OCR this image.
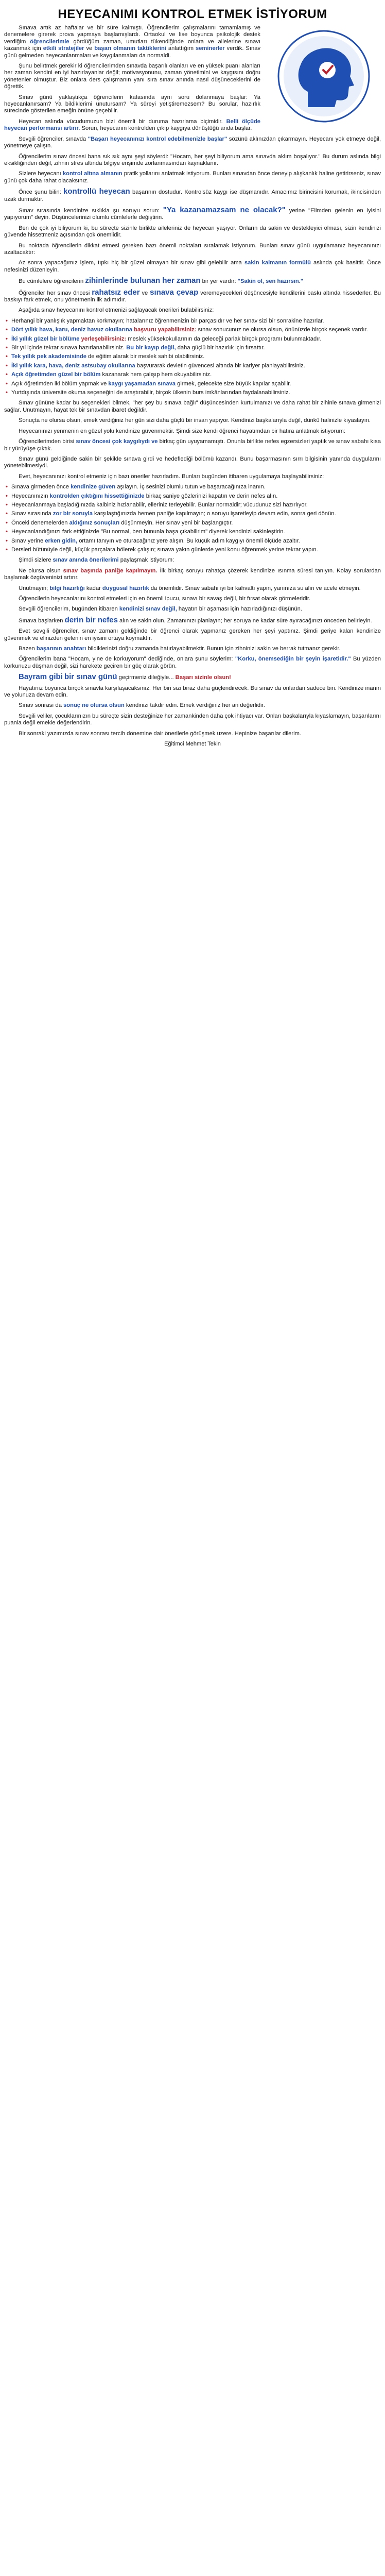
HEYECANIMI KONTROL ETMEK İSTİYORUM

Sınava artık az haftalar ve bir süre kalmıştı. Öğrencilerim çalışmalarını tamamlamış ve denemelere girerek prova yapmaya başlamışlardı. Ortaokul ve lise boyunca psikolojik destek verdiğim öğrencilerimle gördüğüm zaman, umutları tükendiğinde onlara ve ailelerine sınavı kazanmak için etkili stratejiler ve başarı olmanın taktiklerini anlattığım seminerler verdik. Sınav günü gelmeden heyecanlanmaları ve kaygılanmaları da normaldi.

Şunu belirtmek gerekir ki öğrencilerimden sınavda başarılı olanları ve en yüksek puanı alanları her zaman kendini en iyi hazırlayanlar değil; motivasyonunu, zaman yönetimini ve kaygısını doğru yönetenler olmuştur. Biz onlara ders çalışmanın yanı sıra sınav anında nasıl düşüneceklerini de öğrettik.

Sınav günü yaklaştıkça öğrencilerin kafasında aynı soru dolanmaya başlar: Ya heyecanlanırsam? Ya bildiklerimi unutursam? Ya süreyi yetiştiremezsem? Bu sorular, hazırlık sürecinde gösterilen emeğin önüne geçebilir.

Heyecan aslında vücudumuzun bizi önemli bir duruma hazırlama biçimidir. Belli ölçüde heyecan performansı artırır. Sorun, heyecanın kontrolden çıkıp kaygıya dönüştüğü anda başlar.

Sevgili öğrenciler, sınavda "Başarı heyecanınızı kontrol edebilmenizle başlar" sözünü aklınızdan çıkarmayın. Heyecanı yok etmeye değil, yönetmeye çalışın.

Öğrencilerim sınav öncesi bana sık sık aynı şeyi söylerdi: "Hocam, her şeyi biliyorum ama sınavda aklım boşalıyor." Bu durum aslında bilgi eksikliğinden değil, zihnin stres altında bilgiye erişimde zorlanmasından kaynaklanır.

Sizlere heyecanı kontrol altına almanın pratik yollarını anlatmak istiyorum. Bunları sınavdan önce deneyip alışkanlık haline getirirseniz, sınav günü çok daha rahat olacaksınız.

Önce şunu bilin: kontrollü heyecan başarının dostudur. Kontrolsüz kaygı ise düşmanıdır. Amacımız birincisini korumak, ikincisinden uzak durmaktır.

Sınav sırasında kendinize sıklıkla şu soruyu sorun: "Ya kazanamazsam ne olacak?" yerine "Elimden gelenin en iyisini yapıyorum" deyin. Düşüncelerinizi olumlu cümlelerle değiştirin.

Ben de çok iyi biliyorum ki, bu süreçte sizinle birlikte aileleriniz de heyecan yaşıyor. Onların da sakin ve destekleyici olması, sizin kendinizi güvende hissetmeniz açısından çok önemlidir.

Bu noktada öğrencilerin dikkat etmesi gereken bazı önemli noktaları sıralamak istiyorum. Bunları sınav günü uygulamanız heyecanınızı azaltacaktır:

Az sonra yapacağımız işlem, tıpkı hiç bir güzel olmayan bir sınav gibi gelebilir ama sakin kalmanın formülü aslında çok basittir. Önce nefesinizi düzenleyin.

Bu cümlelere öğrencilerin zihinlerinde bulunan her zaman bir yer vardır: "Sakin ol, sen hazırsın."

Öğrenciler her sınav öncesi rahatsız eder ve sınava çevap veremeyecekleri düşüncesiyle kendilerini baskı altında hissederler. Bu baskıyı fark etmek, onu yönetmenin ilk adımıdır.

Aşağıda sınav heyecanını kontrol etmenizi sağlayacak önerileri bulabilirsiniz:

• Herhangi bir yanlışlık yapmaktan korkmayın; hatalarınız öğrenmenizin bir parçasıdır ve her sınav sizi bir sonrakine hazırlar.
• Dört yıllık hava, karu, deniz havuz okullarına başvuru yapabilirsiniz: sınav sonucunuz ne olursa olsun, önünüzde birçok seçenek vardır.
• İki yıllık güzel bir bölüme yerleşebilirsiniz: meslek yüksekokullarının da geleceği parlak birçok programı bulunmaktadır.
• Bir yıl içinde tekrar sınava hazırlanabilirsiniz. Bu bir kayıp değil, daha güçlü bir hazırlık için fırsattır.
• Tek yıllık pek akademisinde de eğitim alarak bir meslek sahibi olabilirsiniz.
• İki yıllık kara, hava, deniz astsubay okullarına başvurarak devletin güvencesi altında bir kariyer planlayabilirsiniz.
• Açık öğretimden güzel bir bölüm kazanarak hem çalışıp hem okuyabilirsiniz.
• Açık öğretimden iki bölüm yapmak ve kaygı yaşamadan sınava girmek, gelecekte size büyük kapılar açabilir.
• Yurtdışında üniversite okuma seçeneğini de araştırabilir, birçok ülkenin burs imkânlarından faydalanabilirsiniz.

Sınav gününe kadar bu seçenekleri bilmek, "her şey bu sınava bağlı" düşüncesinden kurtulmanızı ve daha rahat bir zihinle sınava girmenizi sağlar. Unutmayın, hayat tek bir sınavdan ibaret değildir.

Sonuçta ne olursa olsun, emek verdiğiniz her gün sizi daha güçlü bir insan yapıyor. Kendinizi başkalarıyla değil, dünkü halinizle kıyaslayın.

Heyecanınızı yenmenin en güzel yolu kendinize güvenmektir. Şimdi size kendi öğrenci hayatımdan bir hatıra anlatmak istiyorum:

Öğrencilerimden birisi sınav öncesi çok kaygılıydı ve birkaç gün uyuyamamıştı. Onunla birlikte nefes egzersizleri yaptık ve sınav sabahı kısa bir yürüyüşe çıktık.

Sınav günü geldiğinde sakin bir şekilde sınava girdi ve hedeflediği bölümü kazandı. Bunu başarmasının sırrı bilgisinin yanında duygularını yönetebilmesiydi.

Evet, heyecanınızı kontrol etmeniz için bazı öneriler hazırladım. Bunları bugünden itibaren uygulamaya başlayabilirsiniz:

• Sınava girmeden önce kendinize güven aşılayın. İç sesinizi olumlu tutun ve başaracağınıza inanın.
• Heyecanınızın kontrolden çıktığını hissettiğinizde birkaç saniye gözlerinizi kapatın ve derin nefes alın.
• Heyecanlanmaya başladığınızda kalbiniz hızlanabilir, elleriniz terleyebilir. Bunlar normaldir; vücudunuz sizi hazırlıyor.
• Sınav sırasında zor bir soruyla karşılaştığınızda hemen paniğe kapılmayın; o soruyu işaretleyip devam edin, sonra geri dönün.
• Önceki denemelerden aldığınız sonuçları düşünmeyin. Her sınav yeni bir başlangıçtır.
• Heyecanlandığınızı fark ettiğinizde "Bu normal, ben bununla başa çıkabilirim" diyerek kendinizi sakinleştirin.
• Sınav yerine erken gidin, ortamı tanıyın ve oturacağınız yere alışın. Bu küçük adım kaygıyı önemli ölçüde azaltır.
• Dersleri bütünüyle değil, küçük parçalara bölerek çalışın; sınava yakın günlerde yeni konu öğrenmek yerine tekrar yapın.

Şimdi sizlere sınav anında önerilerimi paylaşmak istiyorum:

Ne olursa olsun sınav başında paniğe kapılmayın. İlk birkaç soruyu rahatça çözerek kendinize ısınma süresi tanıyın. Kolay sorulardan başlamak özgüveninizi artırır.

Unutmayın; bilgi hazırlığı kadar duygusal hazırlık da önemlidir. Sınav sabahı iyi bir kahvaltı yapın, yanınıza su alın ve acele etmeyin.

Öğrencilerin heyecanlarını kontrol etmeleri için en önemli ipucu, sınavı bir savaş değil, bir fırsat olarak görmeleridir.

Sevgili öğrencilerim, bugünden itibaren kendinizi sınav değil, hayatın bir aşaması için hazırladığınızı düşünün.

Sınava başlarken derin bir nefes alın ve sakin olun. Zamanınızı planlayın; her soruya ne kadar süre ayıracağınızı önceden belirleyin.

Evet sevgili öğrenciler, sınav zamanı geldiğinde bir öğrenci olarak yapmanız gereken her şeyi yaptınız. Şimdi geriye kalan kendinize güvenmek ve elinizden gelenin en iyisini ortaya koymaktır.

Bazen başarının anahtarı bildiklerinizi doğru zamanda hatırlayabilmektir. Bunun için zihninizi sakin ve berrak tutmanız gerekir.

Öğrencilerim bana "Hocam, yine de korkuyorum" dediğinde, onlara şunu söylerim: "Korku, önemsediğin bir şeyin işaretidir." Bu yüzden korkunuzu düşman değil, sizi harekete geçiren bir güç olarak görün.

Bayram gibi bir sınav günü geçirmeniz dileğiyle... Başarı sizinle olsun!

Hayatınız boyunca birçok sınavla karşılaşacaksınız. Her biri sizi biraz daha güçlendirecek. Bu sınav da onlardan sadece biri. Kendinize inanın ve yolunuza devam edin.

Sınav sonrası da sonuç ne olursa olsun kendinizi takdir edin. Emek verdiğiniz her an değerlidir.

Sevgili veliler, çocuklarınızın bu süreçte sizin desteğinize her zamankinden daha çok ihtiyacı var. Onları başkalarıyla kıyaslamayın, başarılarını puanla değil emekle değerlendirin.

Bir sonraki yazımızda sınav sonrası tercih dönemine dair önerilerle görüşmek üzere. Hepinize başarılar dilerim.

Eğitimci Mehmet Tekin
